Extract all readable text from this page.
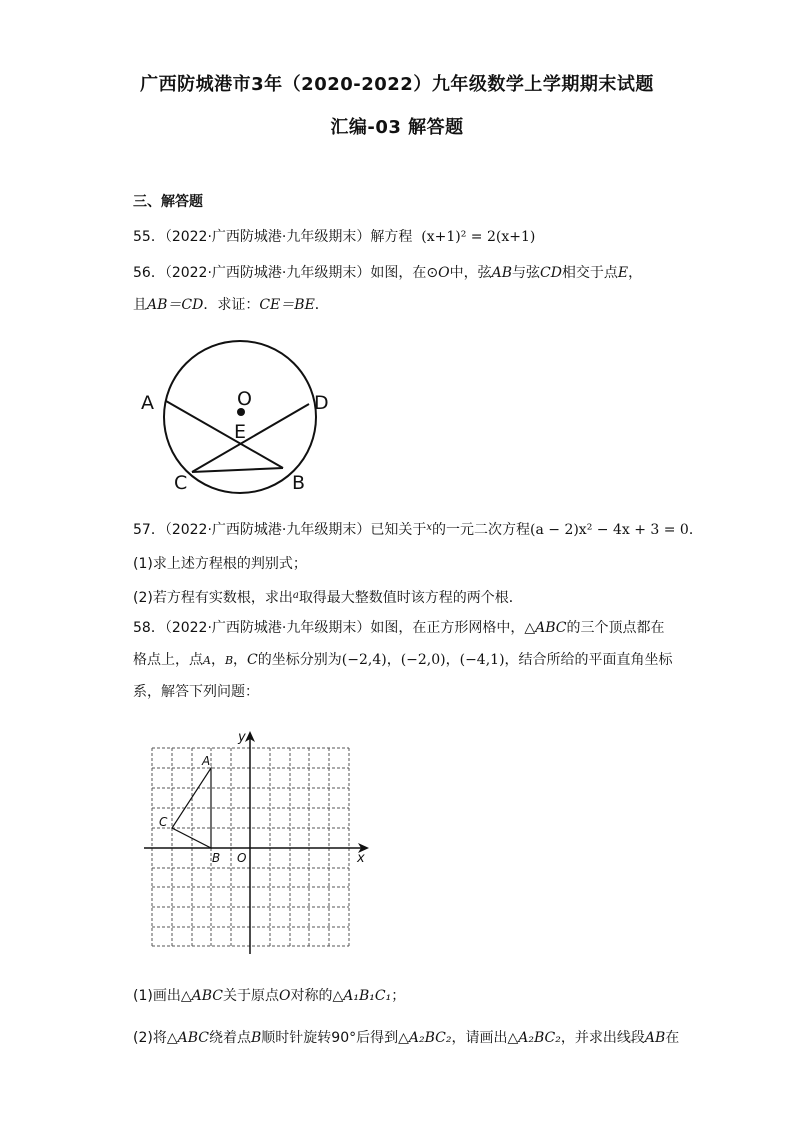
广西防城港市3年（2020-2022）九年级数学上学期期末试题
汇编-03 解答题
三、解答题
55．（2022·广西防城港·九年级期末）解方程 (x+1)² = 2(x+1)
56．（2022·广西防城港·九年级期末）如图，在⊙O中，弦AB与弦CD相交于点E，
且AB＝CD．求证：CE＝BE．
A	O	D
E
C	B
57．（2022·广西防城港·九年级期末）已知关于$^x$的一元二次方程(a − 2)x² − 4x + 3 = 0．
(1)求上述方程根的判别式；
(2)若方程有实数根，求出$^a$取得最大整数值时该方程的两个根．
58．（2022·广西防城港·九年级期末）如图，在正方形网格中，△ABC的三个顶点都在
格点上，点A，B，C的坐标分别为(−2,4)，(−2,0)，(−4,1)，结合所给的平面直角坐标
系，解答下列问题：
y
x
O
A
B
C
(1)画出△ABC关于原点O对称的△A₁B₁C₁；
(2)将△ABC绕着点B顺时针旋转90°后得到△A₂BC₂，请画出△A₂BC₂，并求出线段AB在
